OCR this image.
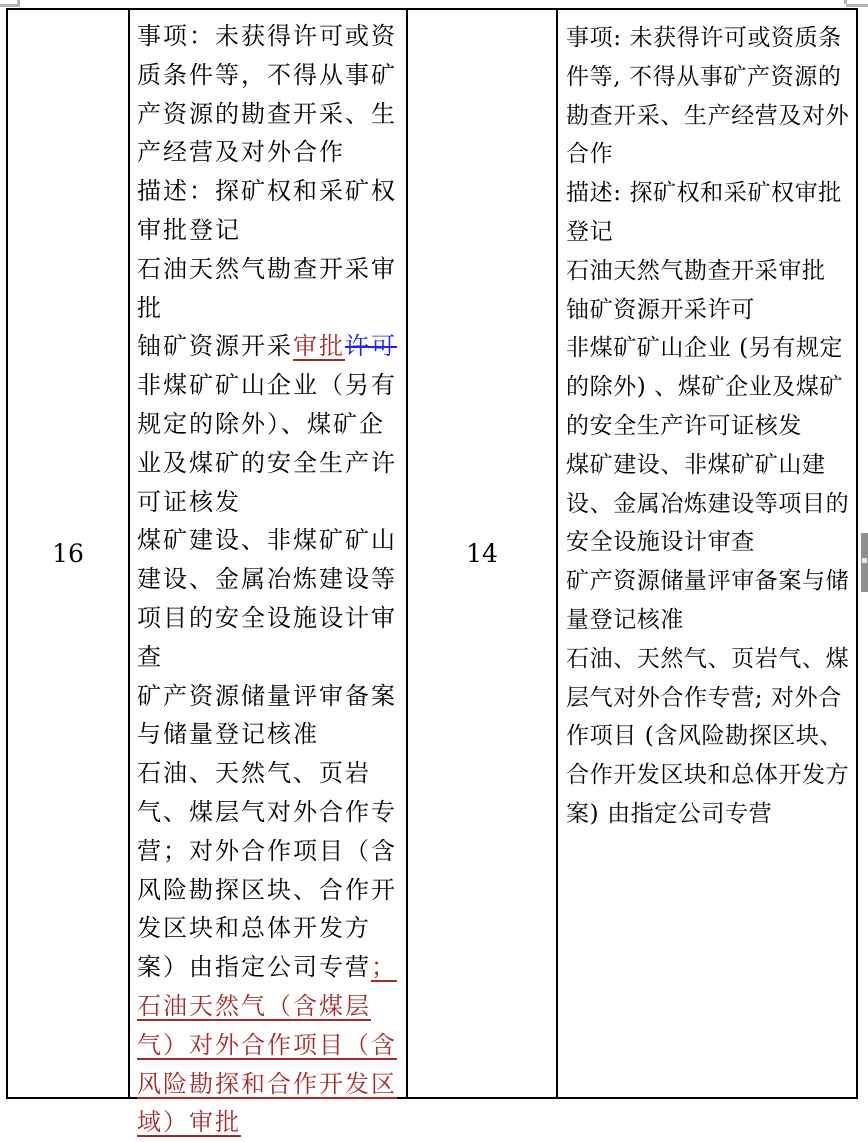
16
事项：未获得许可或资质条件等，不得从事矿产资源的勘查开采、生产经营及对外合作
描述：探矿权和采矿权审批登记
石油天然气勘查开采审批
铀矿资源开采审批许可
非煤矿矿山企业（另有规定的除外）、煤矿企业及煤矿的安全生产许可证核发
煤矿建设、非煤矿矿山建设、金属冶炼建设等项目的安全设施设计审查
矿产资源储量评审备案与储量登记核准
石油、天然气、页岩气、煤层气对外合作专营；对外合作项目（含风险勘探区块、合作开发区块和总体开发方案）由指定公司专营；石油天然气（含煤层气）对外合作项目（含风险勘探和合作开发区域）审批
14
事项: 未获得许可或资质条件等, 不得从事矿产资源的勘查开采、生产经营及对外合作
描述: 探矿权和采矿权审批登记
石油天然气勘查开采审批
铀矿资源开采许可
非煤矿矿山企业 (另有规定的除外) 、煤矿企业及煤矿的安全生产许可证核发
煤矿建设、非煤矿矿山建设、金属冶炼建设等项目的安全设施设计审查
矿产资源储量评审备案与储量登记核准
石油、天然气、页岩气、煤层气对外合作专营; 对外合作项目 (含风险勘探区块、合作开发区块和总体开发方案) 由指定公司专营
